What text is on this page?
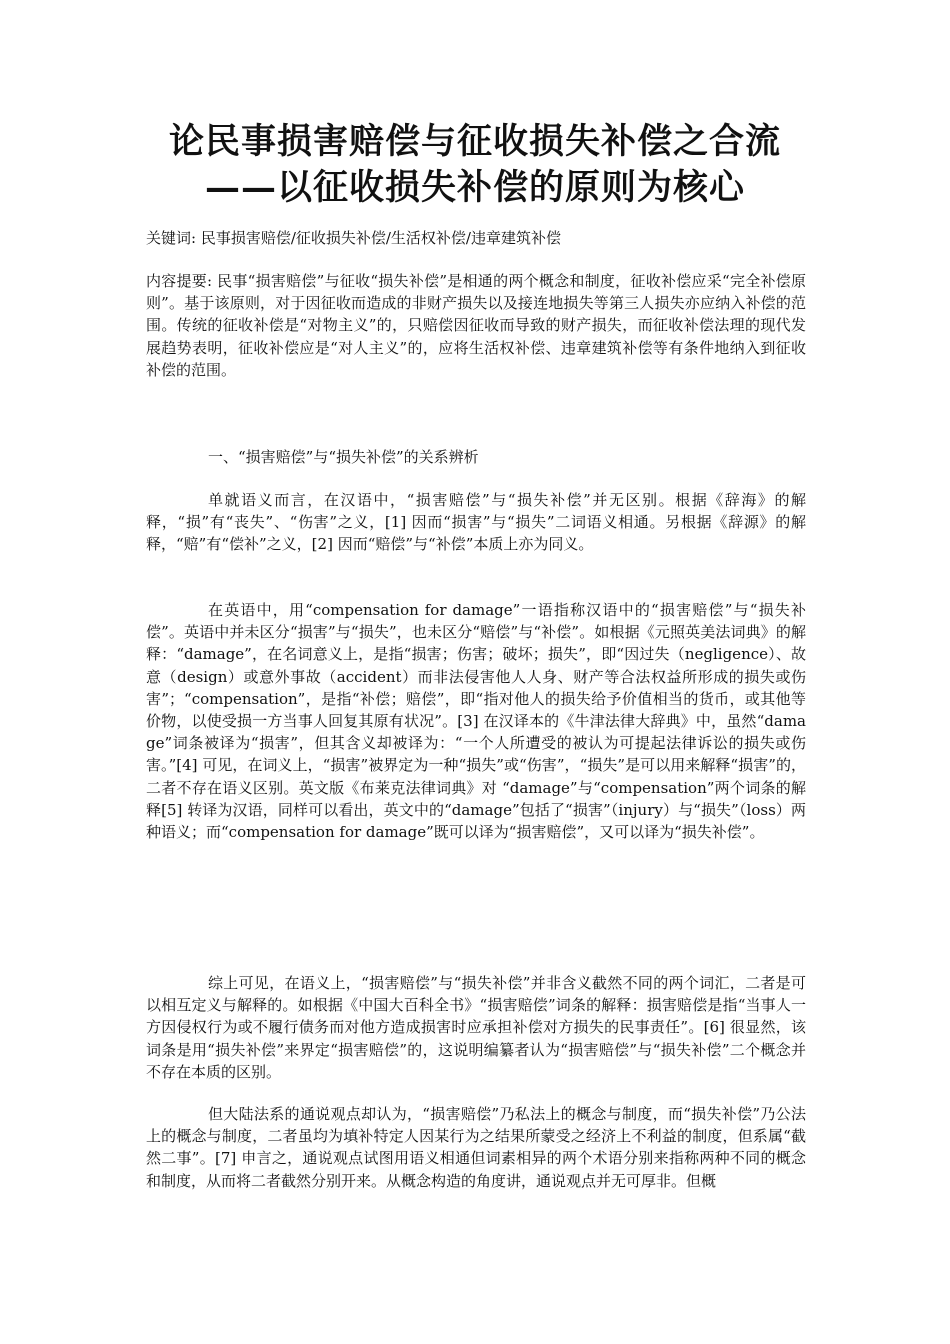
论民事损害赔偿与征收损失补偿之合流
——以征收损失补偿的原则为核心

关键词: 民事损害赔偿/征收损失补偿/生活权补偿/违章建筑补偿

内容提要: 民事“损害赔偿”与征收“损失补偿”是相通的两个概念和制度，征收补偿应采“完全补偿原则”。基于该原则，对于因征收而造成的非财产损失以及接连地损失等第三人损失亦应纳入补偿的范围。传统的征收补偿是“对物主义”的，只赔偿因征收而导致的财产损失，而征收补偿法理的现代发展趋势表明，征收补偿应是“对人主义”的，应将生活权补偿、违章建筑补偿等有条件地纳入到征收补偿的范围。

一、“损害赔偿”与“损失补偿”的关系辨析

单就语义而言，在汉语中，“损害赔偿”与“损失补偿”并无区别。根据《辞海》的解释，“损”有“丧失”、“伤害”之义，[1] 因而“损害”与“损失”二词语义相通。另根据《辞源》的解释，“赔”有“偿补”之义，[2] 因而“赔偿”与“补偿”本质上亦为同义。

在英语中，用“compensation for damage”一语指称汉语中的“损害赔偿”与“损失补偿”。英语中并未区分“损害”与“损失”，也未区分“赔偿”与“补偿”。如根据《元照英美法词典》的解释：“damage”，在名词意义上，是指“损害；伤害；破坏；损失”，即“因过失（negligence）、故意（design）或意外事故（accident）而非法侵害他人人身、财产等合法权益所形成的损失或伤害”；“compensation”，是指“补偿；赔偿”，即“指对他人的损失给予价值相当的货币，或其他等价物，以使受损一方当事人回复其原有状况”。[3] 在汉译本的《牛津法律大辞典》中，虽然“damage”词条被译为“损害”，但其含义却被译为：“一个人所遭受的被认为可提起法律诉讼的损失或伤害。”[4] 可见，在词义上，“损害”被界定为一种“损失”或“伤害”，“损失”是可以用来解释“损害”的，二者不存在语义区别。英文版《布莱克法律词典》对 “damage”与“compensation”两个词条的解释[5] 转译为汉语，同样可以看出，英文中的“damage”包括了“损害”（injury）与“损失”（loss）两种语义；而“compensation for damage”既可以译为“损害赔偿”，又可以译为“损失补偿”。

综上可见，在语义上，“损害赔偿”与“损失补偿”并非含义截然不同的两个词汇，二者是可以相互定义与解释的。如根据《中国大百科全书》“损害赔偿”词条的解释：损害赔偿是指“当事人一方因侵权行为或不履行债务而对他方造成损害时应承担补偿对方损失的民事责任”。[6] 很显然，该词条是用“损失补偿”来界定“损害赔偿”的，这说明编纂者认为“损害赔偿”与“损失补偿”二个概念并不存在本质的区别。

但大陆法系的通说观点却认为，“损害赔偿”乃私法上的概念与制度，而“损失补偿”乃公法上的概念与制度，二者虽均为填补特定人因某行为之结果所蒙受之经济上不利益的制度，但系属“截然二事”。[7] 申言之，通说观点试图用语义相通但词素相异的两个术语分别来指称两种不同的概念和制度，从而将二者截然分别开来。从概念构造的角度讲，通说观点并无可厚非。但概
